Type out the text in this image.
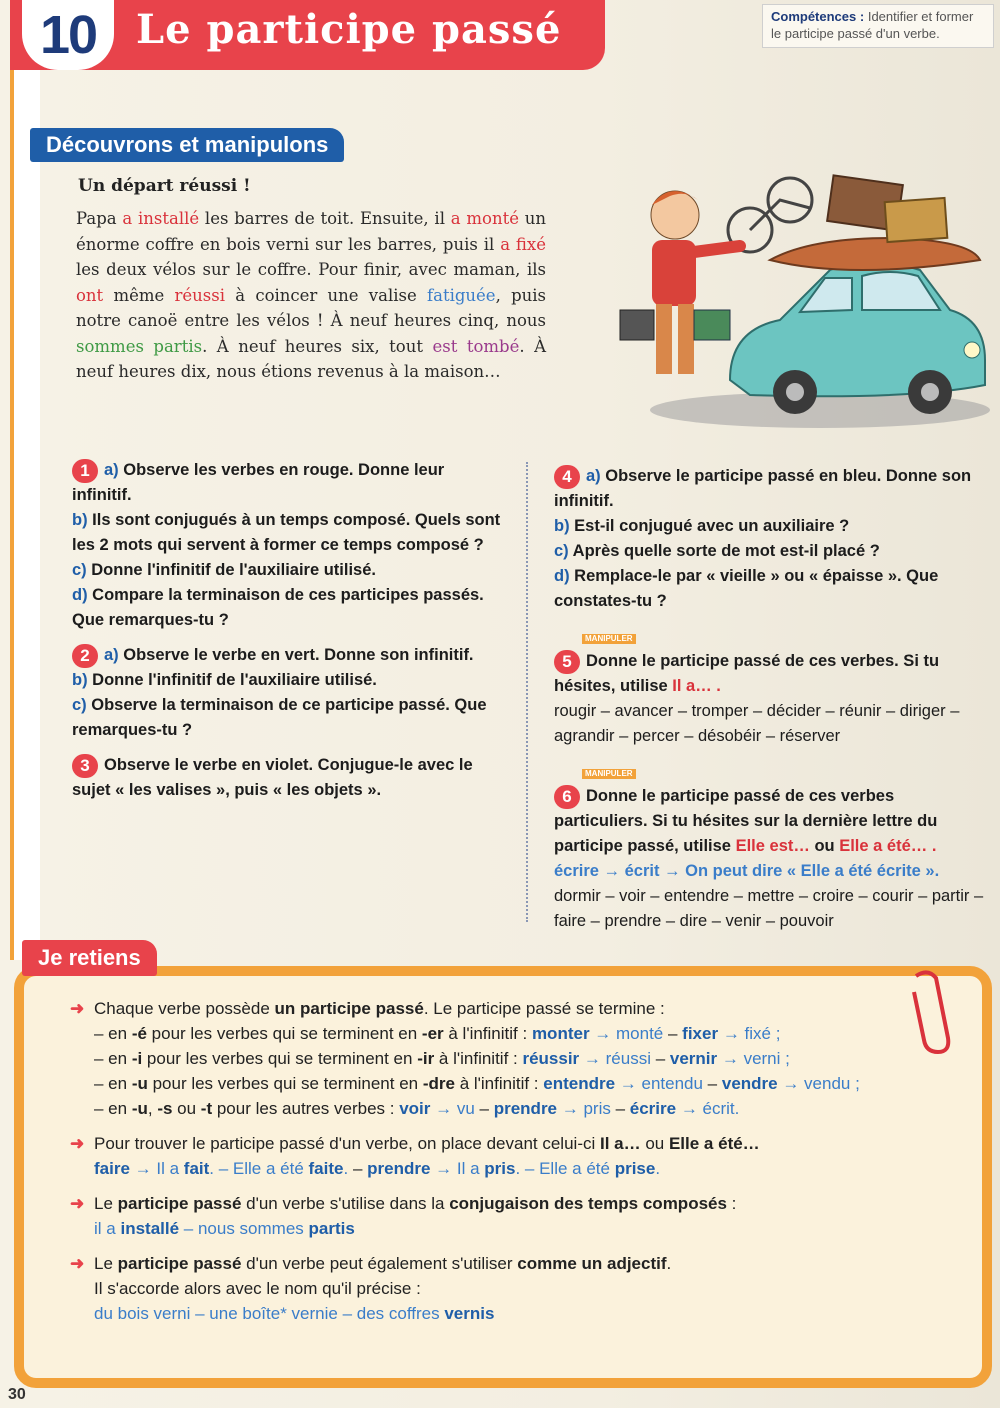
10 Le participe passé	Compétences : Identifier et former le participe passé d'un verbe.
Découvrons et manipulons
Un départ réussi !
Papa a installé les barres de toit. Ensuite, il a monté un énorme coffre en bois verni sur les barres, puis il a fixé les deux vélos sur le coffre. Pour finir, avec maman, ils ont même réussi à coincer une valise fatiguée, puis notre canoë entre les vélos ! À neuf heures cinq, nous sommes partis. À neuf heures six, tout est tombé. À neuf heures dix, nous étions revenus à la maison…

1 a) Observe les verbes en rouge. Donne leur infinitif.

b) Ils sont conjugués à un temps composé. Quels sont les 2 mots qui servent à former ce temps composé ?

c) Donne l'infinitif de l'auxiliaire utilisé.

d) Compare la terminaison de ces participes passés. Que remarques-tu ?

2 a) Observe le verbe en vert. Donne son infinitif.

b) Donne l'infinitif de l'auxiliaire utilisé.

c) Observe la terminaison de ce participe passé. Que remarques-tu ?

3 Observe le verbe en violet. Conjugue-le avec le sujet « les valises », puis « les objets ».

4 a) Observe le participe passé en bleu. Donne son infinitif.

b) Est-il conjugué avec un auxiliaire ?

c) Après quelle sorte de mot est-il placé ?

d) Remplace-le par « vieille » ou « épaisse ». Que constates-tu ?

MANIPULER

5 Donne le participe passé de ces verbes. Si tu hésites, utilise Il a… .

rougir – avancer – tromper – décider – réunir – diriger – agrandir – percer – désobéir – réserver

MANIPULER

6 Donne le participe passé de ces verbes particuliers. Si tu hésites sur la dernière lettre du participe passé, utilise Elle est… ou Elle a été… .

écrire → écrit → On peut dire « Elle a été écrite ».

dormir – voir – entendre – mettre – croire – courir – partir – faire – prendre – dire – venir – pouvoir

Je retiens
➜ Chaque verbe possède un participe passé. Le participe passé se termine :
– en -é pour les verbes qui se terminent en -er à l'infinitif : monter → monté – fixer → fixé ;
– en -i pour les verbes qui se terminent en -ir à l'infinitif : réussir → réussi – vernir → verni ;
– en -u pour les verbes qui se terminent en -dre à l'infinitif : entendre → entendu – vendre → vendu ;
– en -u, -s ou -t pour les autres verbes : voir → vu – prendre → pris – écrire → écrit.
➜ Pour trouver le participe passé d'un verbe, on place devant celui-ci Il a… ou Elle a été…
faire → Il a fait. – Elle a été faite. – prendre → Il a pris. – Elle a été prise.
➜ Le participe passé d'un verbe s'utilise dans la conjugaison des temps composés :
il a installé – nous sommes partis
➜ Le participe passé d'un verbe peut également s'utiliser comme un adjectif.
Il s'accorde alors avec le nom qu'il précise :
du bois verni – une boîte* vernie – des coffres vernis
30
